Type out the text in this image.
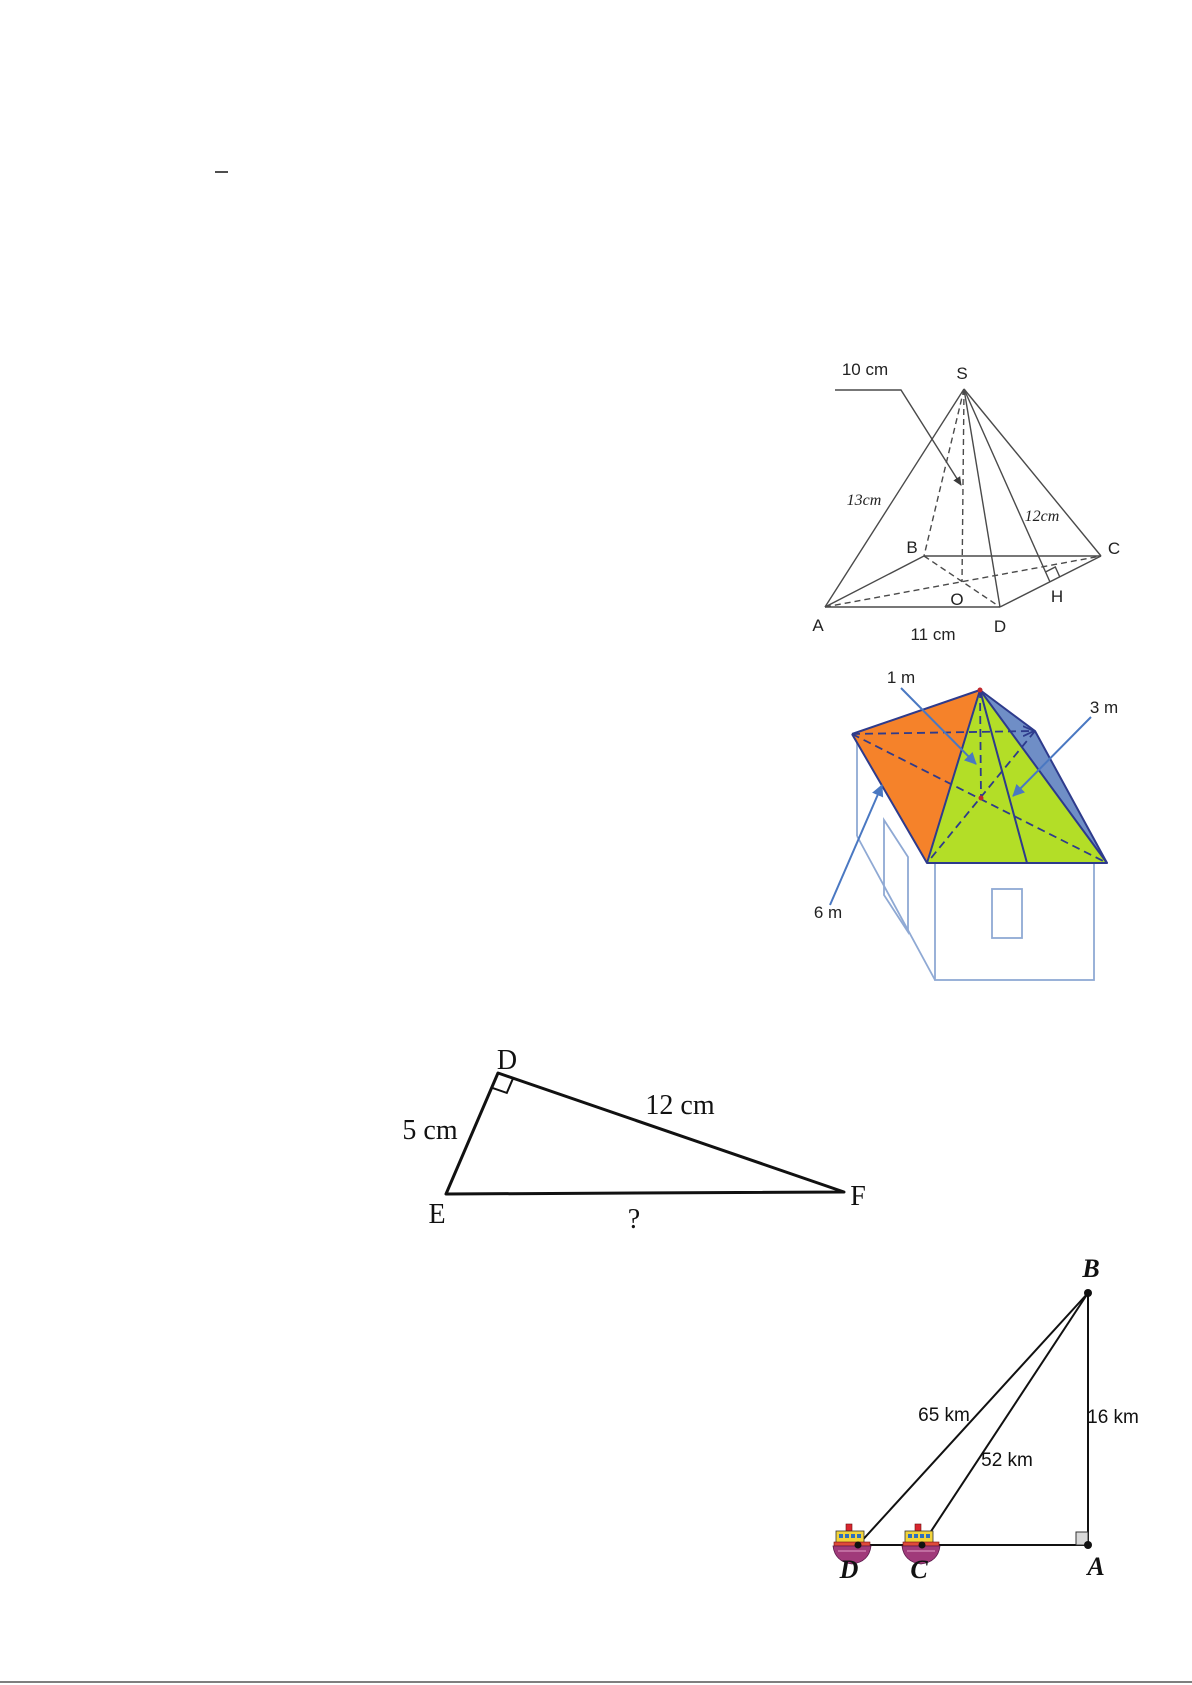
10 cm	S
13cm
12cm
B	C
O	H
A	11 cm D
1 m
3 m
6 m
D
E
F
5 cm
12 cm
?
B
A
C
D
65 km
52 km
16 km
